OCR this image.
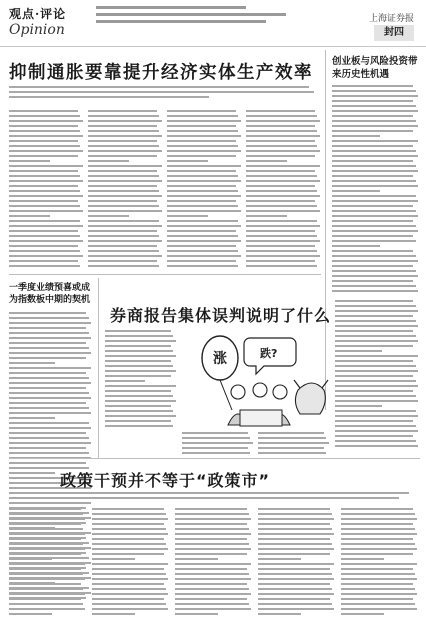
观点·评论
Opinion
上海证券报
封四
抑制通胀要靠提升经济实体生产效率
创业板与风险投资带来历史性机遇
一季度业绩预喜或成为指数板中期的契机
券商报告集体误判说明了什么
涨	跌?
政策干预并不等于“政策市”
